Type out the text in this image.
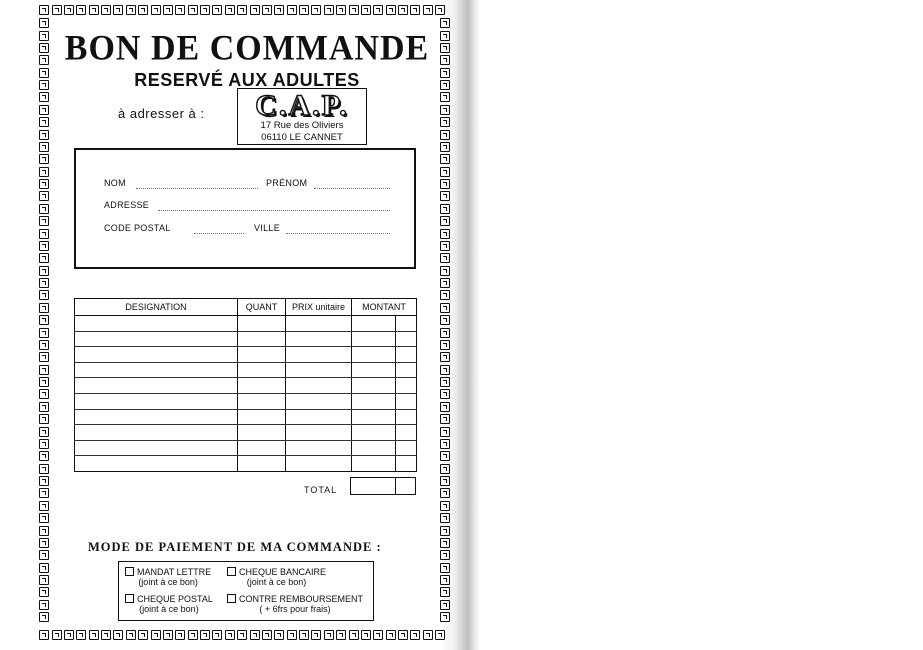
BON DE COMMANDE
RESERVÉ AUX ADULTES
à adresser à :	C.A.P.
17 Rue des Oliviers
06110 LE CANNET
NOM	PRÉNOM
ADRESSE
CODE POSTAL	VILLE
DESIGNATION	QUANT	PRIX unitaire	MONTANT	

TOTAL
MODE DE PAIEMENT DE MA COMMANDE :
MANDAT LETTRE
(joint à ce bon)
CHEQUE BANCAIRE
(joint à ce bon)
CHEQUE POSTAL
(joint à ce bon)
CONTRE REMBOURSEMENT
( + 6frs pour frais)
